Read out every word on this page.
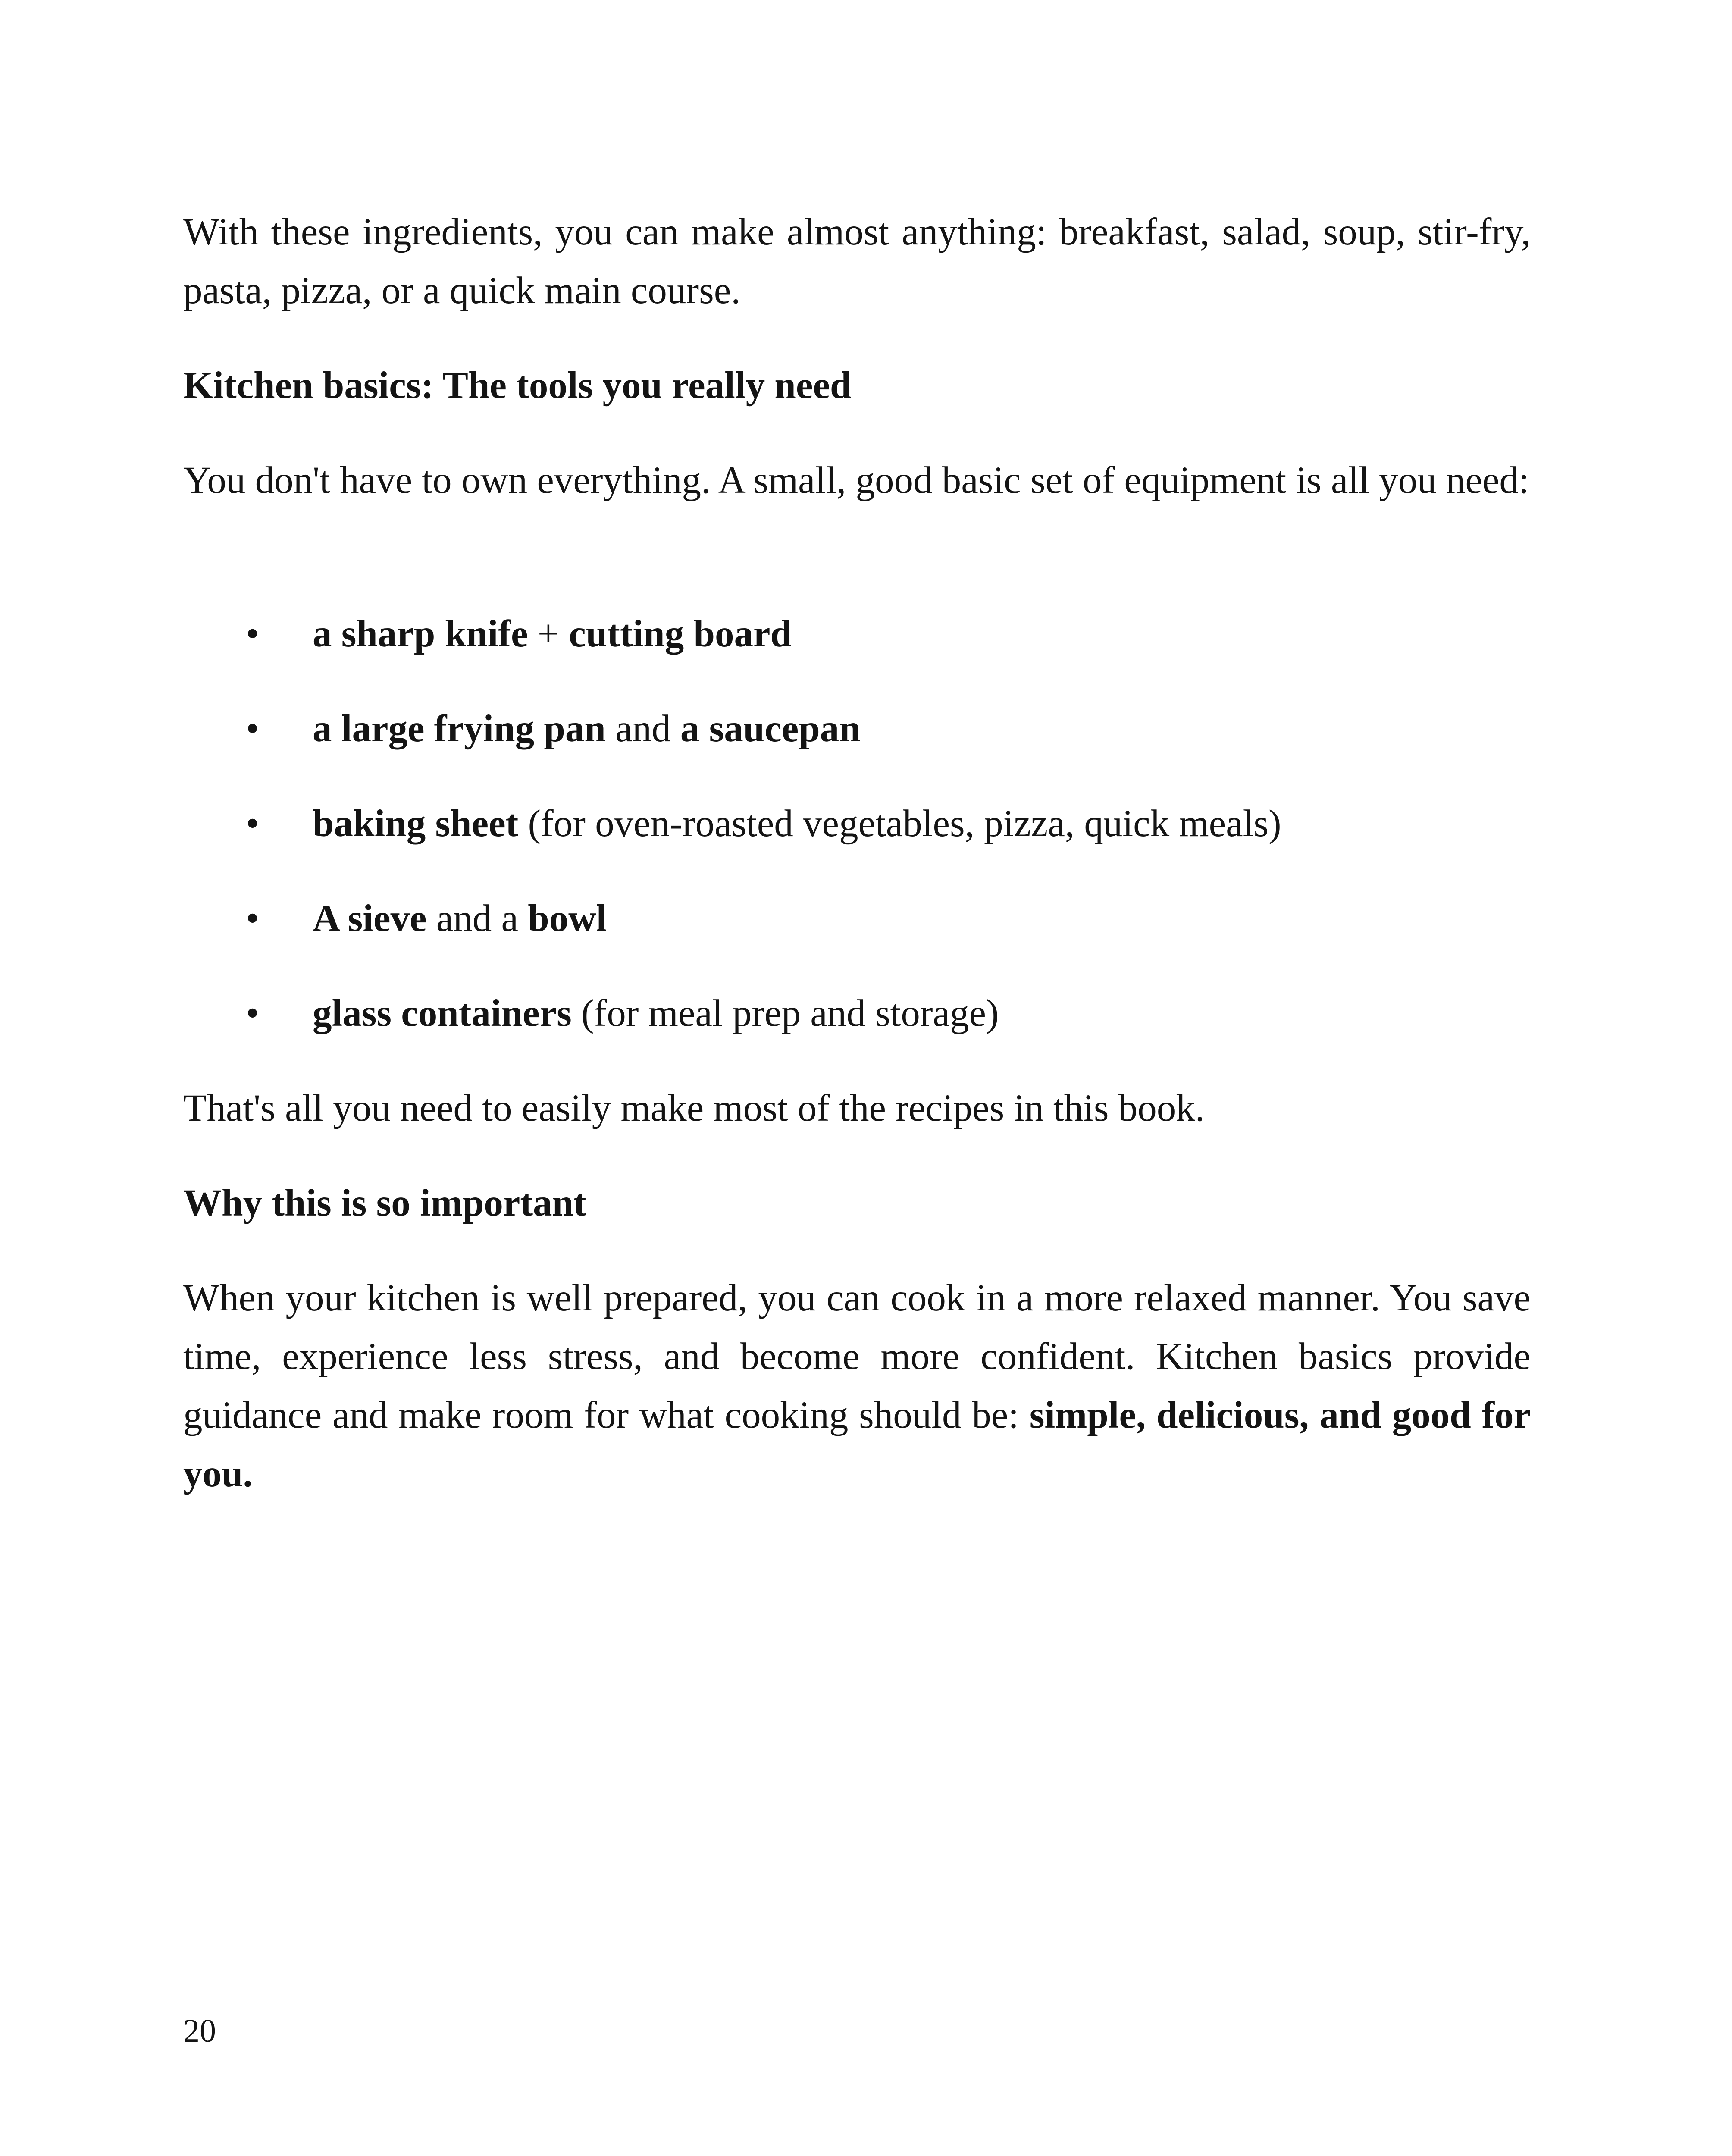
With these ingredients, you can make almost anything: breakfast, salad, soup, stir-fry, pasta, pizza, or a quick main course.

Kitchen basics: The tools you really need

You don't have to own everything. A small, good basic set of equipment is all you need:

• a sharp knife + cutting board
• a large frying pan and a saucepan
• baking sheet (for oven-roasted vegetables, pizza, quick meals)
• A sieve and a bowl
• glass containers (for meal prep and storage)

That's all you need to easily make most of the recipes in this book.

Why this is so important

When your kitchen is well prepared, you can cook in a more relaxed manner. You save time, experience less stress, and become more confident. Kitchen basics provide guidance and make room for what cooking should be: simple, delicious, and good for you.

20
